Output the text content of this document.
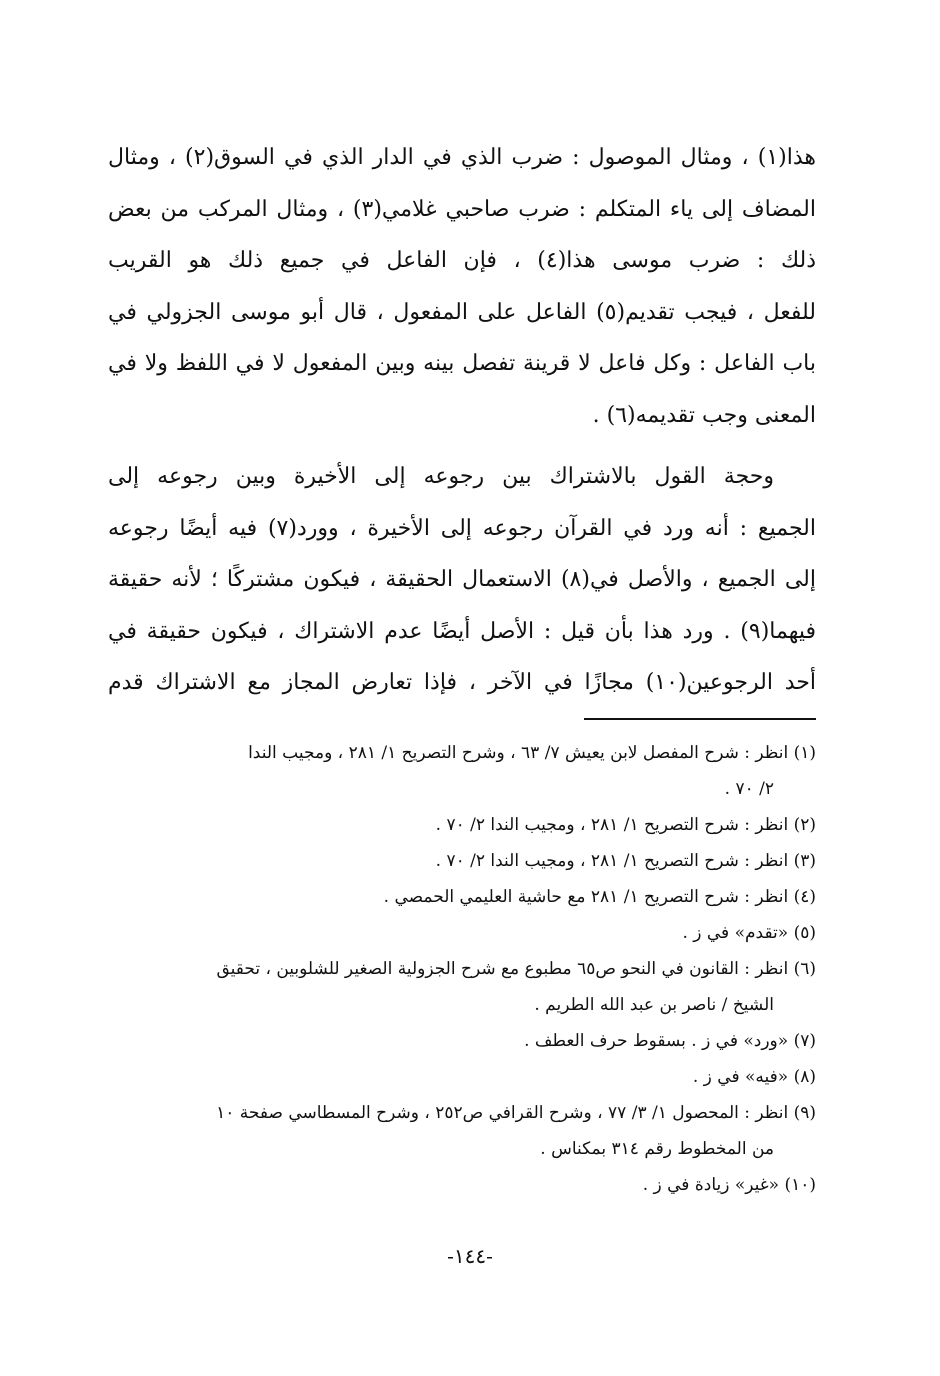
هذا(١) ، ومثال الموصول : ضرب الذي في الدار الذي في السوق(٢) ، ومثال
المضاف إلى ياء المتكلم : ضرب صاحبي غلامي(٣) ، ومثال المركب من بعض
ذلك : ضرب موسى هذا(٤) ، فإن الفاعل في جميع ذلك هو القريب
للفعل ، فيجب تقديم(٥) الفاعل على المفعول ، قال أبو موسى الجزولي في
باب الفاعل : وكل فاعل لا قرينة تفصل بينه وبين المفعول لا في اللفظ ولا في
المعنى وجب تقديمه(٦) .

وحجة القول بالاشتراك بين رجوعه إلى الأخيرة وبين رجوعه إلى
الجميع : أنه ورد في القرآن رجوعه إلى الأخيرة ، وورد(٧) فيه أيضًا رجوعه
إلى الجميع ، والأصل في(٨) الاستعمال الحقيقة ، فيكون مشتركًا ؛ لأنه حقيقة
فيهما(٩) . ورد هذا بأن قيل : الأصل أيضًا عدم الاشتراك ، فيكون حقيقة في
أحد الرجوعين(١٠) مجازًا في الآخر ، فإذا تعارض المجاز مع الاشتراك قدم

(١) انظر : شرح المفصل لابن يعيش ٧/ ٦٣ ، وشرح التصريح ١/ ٢٨١ ، ومجيب الندا

٢/ ٧٠ .

(٢) انظر : شرح التصريح ١/ ٢٨١ ، ومجيب الندا ٢/ ٧٠ .

(٣) انظر : شرح التصريح ١/ ٢٨١ ، ومجيب الندا ٢/ ٧٠ .

(٤) انظر : شرح التصريح ١/ ٢٨١ مع حاشية العليمي الحمصي .

(٥) «تقدم» في ز .

(٦) انظر : القانون في النحو ص٦٥ مطبوع مع شرح الجزولية الصغير للشلوبين ، تحقيق

الشيخ / ناصر بن عبد الله الطريم .

(٧) «ورد» في ز . بسقوط حرف العطف .

(٨) «فيه» في ز .

(٩) انظر : المحصول ١/ ٣/ ٧٧ ، وشرح القرافي ص٢٥٢ ، وشرح المسطاسي صفحة ١٠

من المخطوط رقم ٣١٤ بمكناس .

(١٠) «غير» زيادة في ز .

-١٤٤-
